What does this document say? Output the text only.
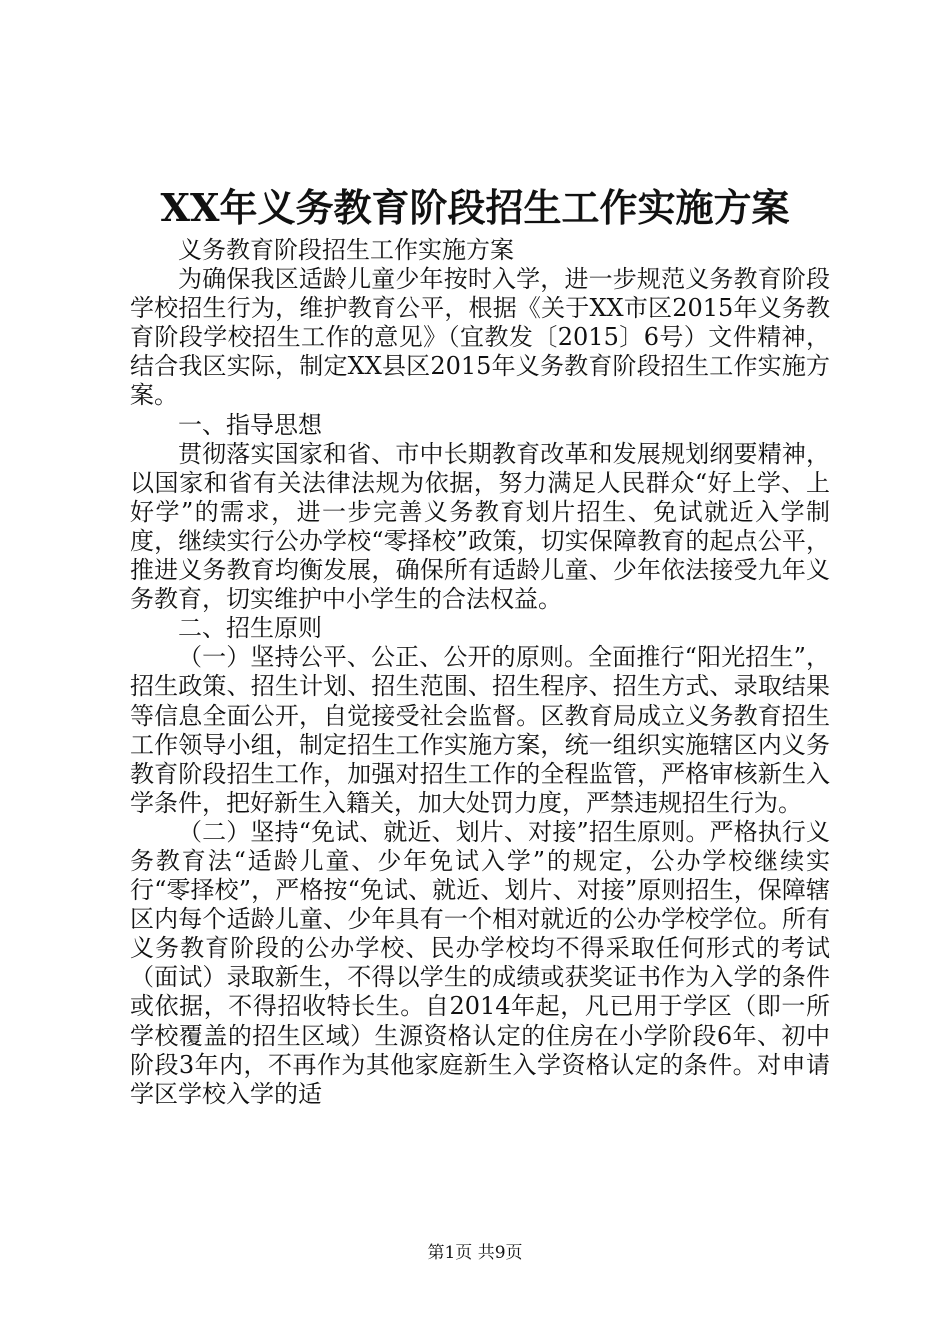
XX年义务教育阶段招生工作实施方案

义务教育阶段招生工作实施方案

为确保我区适龄儿童少年按时入学，进一步规范义务教育阶段学校招生行为，维护教育公平，根据《关于XX市区2015年义务教育阶段学校招生工作的意见》（宜教发〔2015〕6号）文件精神，结合我区实际，制定XX县区2015年义务教育阶段招生工作实施方案。

一、指导思想

贯彻落实国家和省、市中长期教育改革和发展规划纲要精神，以国家和省有关法律法规为依据，努力满足人民群众“好上学、上好学”的需求，进一步完善义务教育划片招生、免试就近入学制度，继续实行公办学校“零择校”政策，切实保障教育的起点公平，推进义务教育均衡发展，确保所有适龄儿童、少年依法接受九年义务教育，切实维护中小学生的合法权益。

二、招生原则

（一）坚持公平、公正、公开的原则。全面推行“阳光招生”，招生政策、招生计划、招生范围、招生程序、招生方式、录取结果等信息全面公开，自觉接受社会监督。区教育局成立义务教育招生工作领导小组，制定招生工作实施方案，统一组织实施辖区内义务教育阶段招生工作，加强对招生工作的全程监管，严格审核新生入学条件，把好新生入籍关，加大处罚力度，严禁违规招生行为。

（二）坚持“免试、就近、划片、对接”招生原则。严格执行义务教育法“适龄儿童、少年免试入学”的规定，公办学校继续实行“零择校”，严格按“免试、就近、划片、对接”原则招生，保障辖区内每个适龄儿童、少年具有一个相对就近的公办学校学位。所有义务教育阶段的公办学校、民办学校均不得采取任何形式的考试（面试）录取新生，不得以学生的成绩或获奖证书作为入学的条件或依据，不得招收特长生。自2014年起，凡已用于学区（即一所学校覆盖的招生区域）生源资格认定的住房在小学阶段6年、初中阶段3年内，不再作为其他家庭新生入学资格认定的条件。对申请学区学校入学的适

第1页 共9页
